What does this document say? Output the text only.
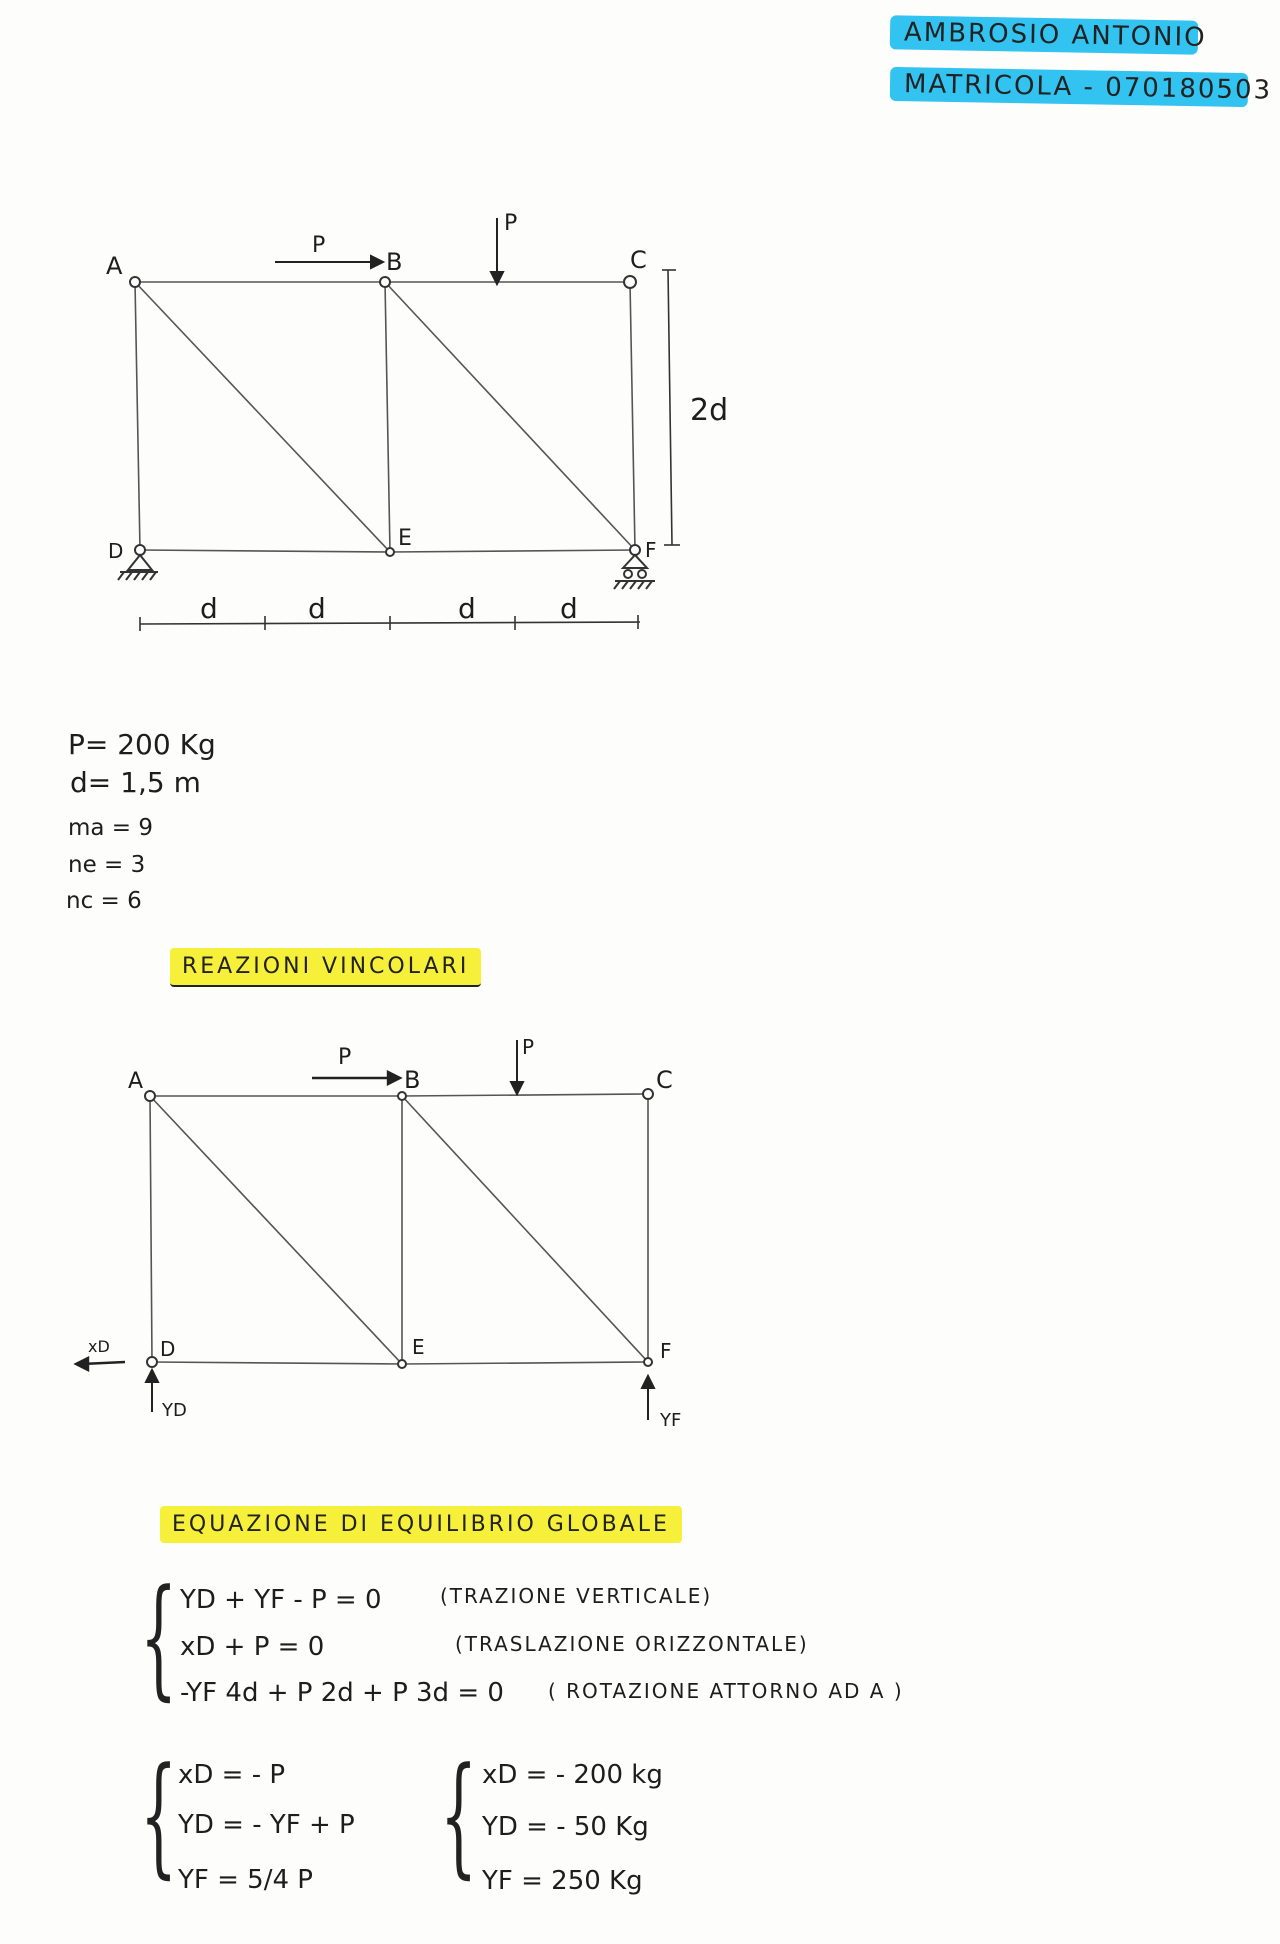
AMBROSIO ANTONIO
MATRICOLA - 070180503
A	B	C
D	E	F
P
P
2d
d	d	d	d
P= 200 Kg
d= 1,5 m
ma = 9
ne = 3
nc = 6
REAZIONI VINCOLARI
A	B	C
D	E	F
P	P
xD
YD	YF
EQUAZIONE DI EQUILIBRIO GLOBALE
{ YD + YF - P = 0	(TRAZIONE VERTICALE)
xD + P = 0	(TRASLAZIONE ORIZZONTALE)
-YF 4d + P 2d + P 3d = 0 ( ROTAZIONE ATTORNO AD A )
{ xD = - P
YD = - YF + P
YF = 5/4 P { xD = - 200 kg
YD = - 50 Kg
YF = 250 Kg
